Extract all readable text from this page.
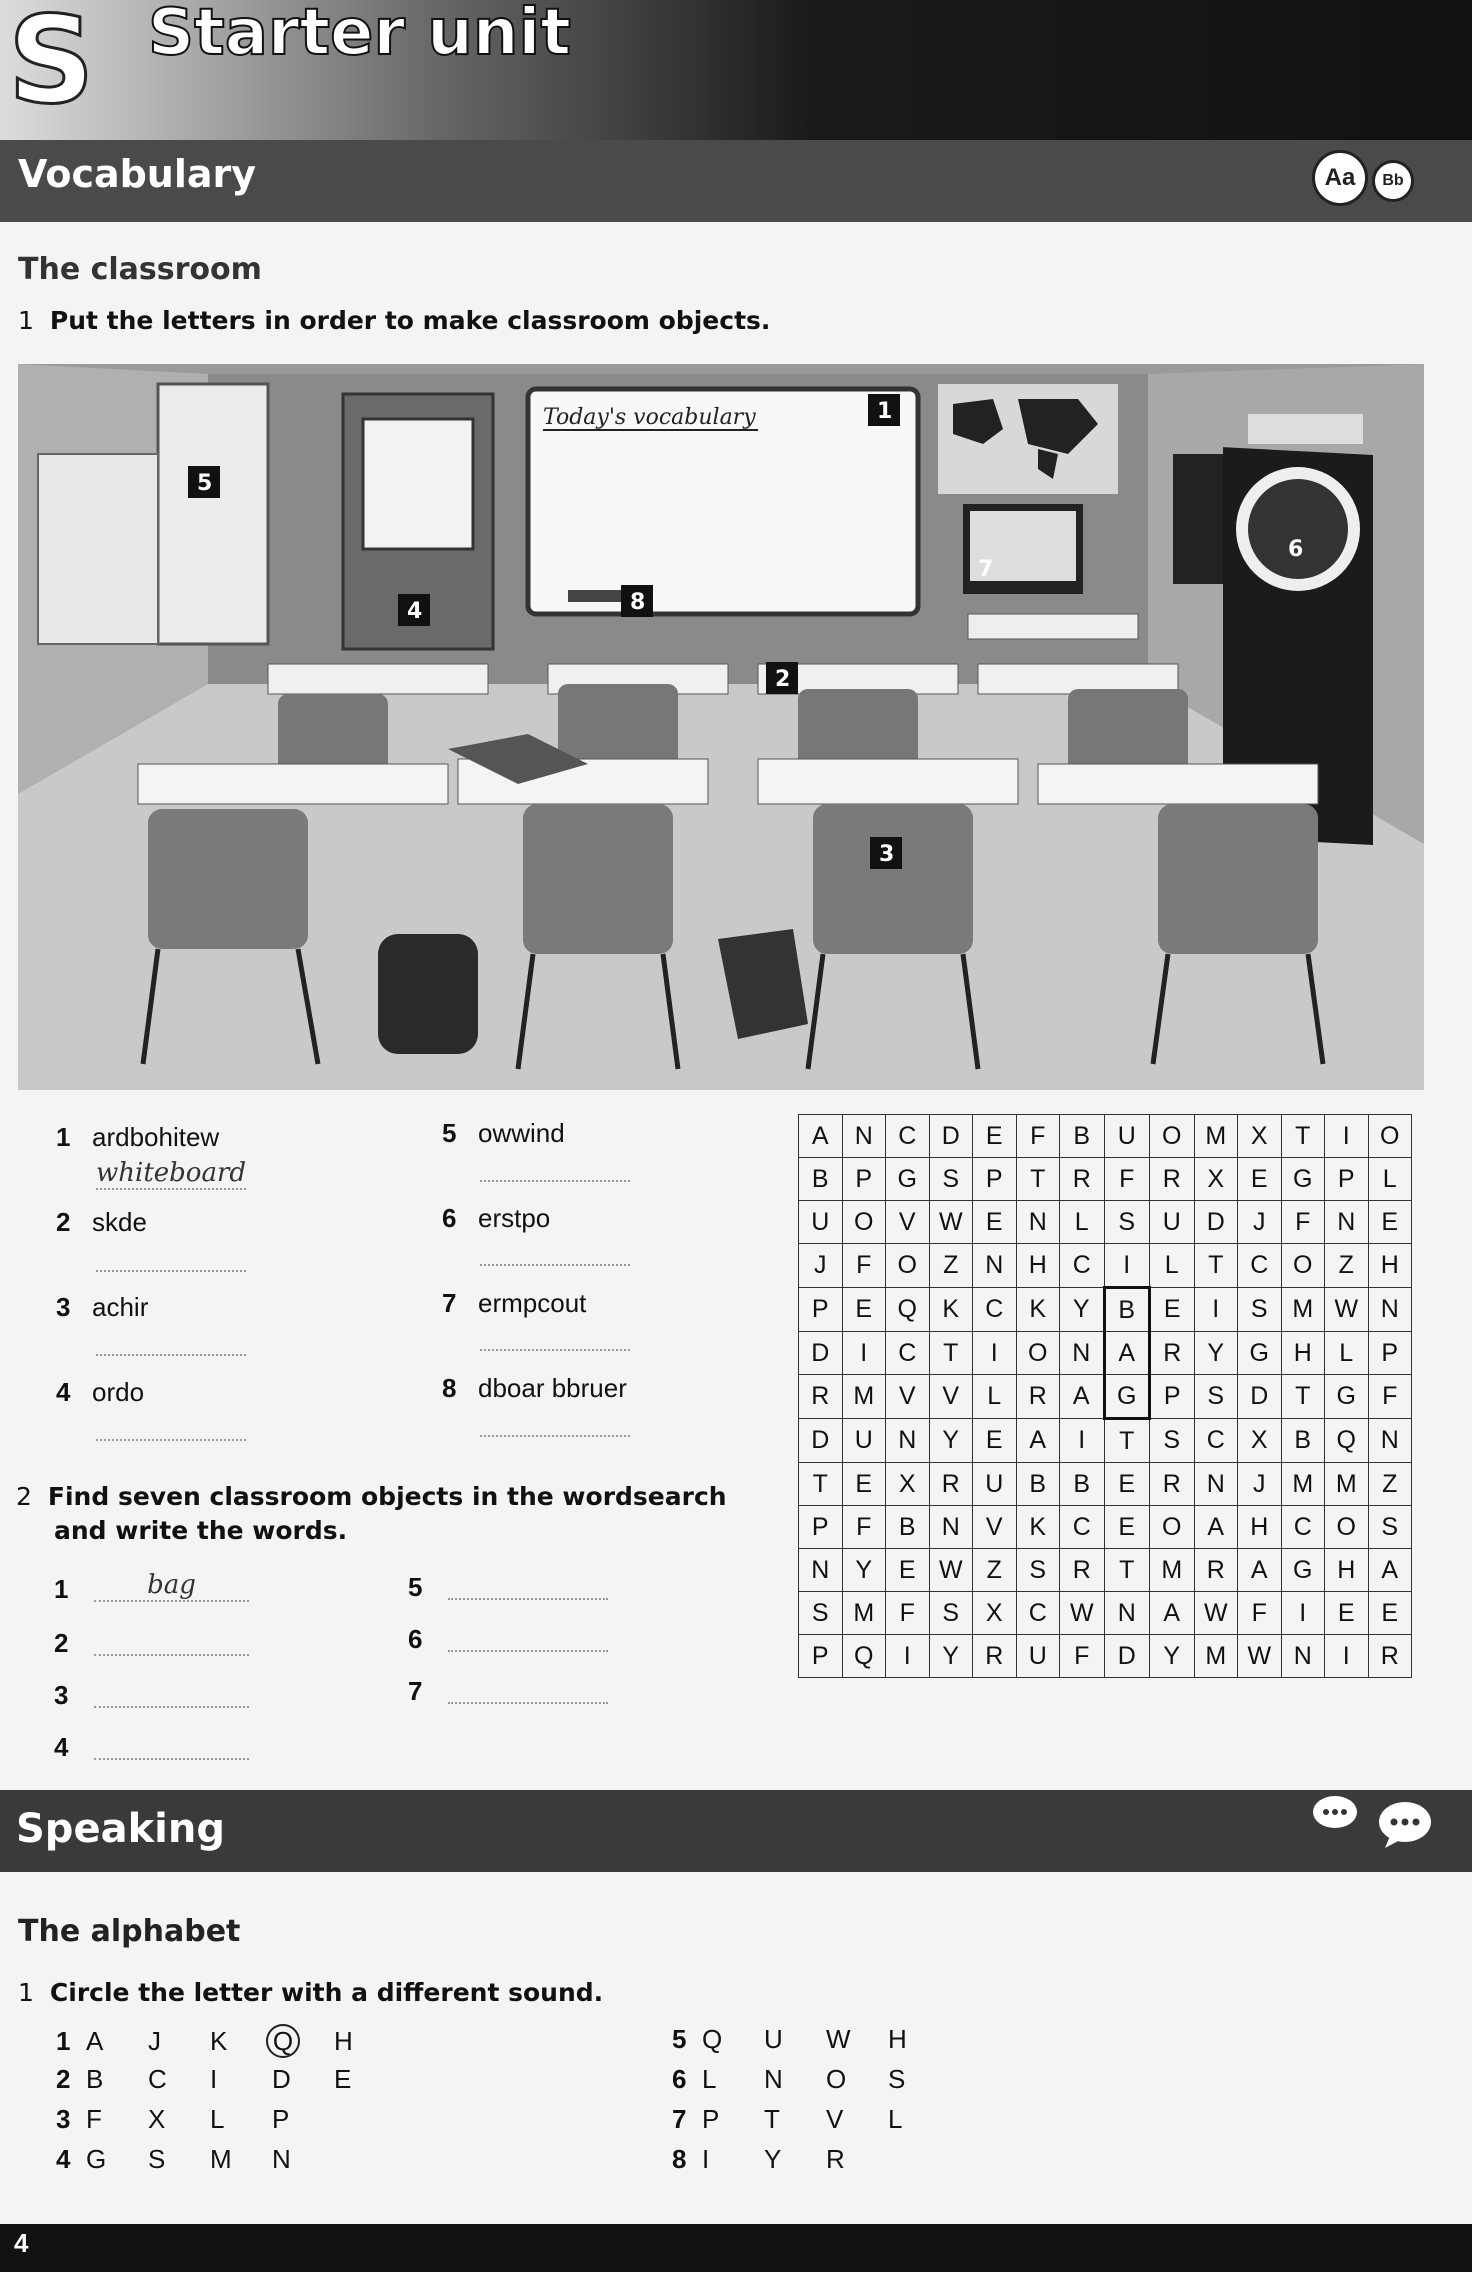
S Starter unit
Vocabulary	Aa	Bb
The classroom
1 Put the letters in order to make classroom objects.
Today's vocabulary	1
2
3
4
5
6
7
8
1 ardbohitew
whiteboard
2 skde
3 achir
4 ordo
5 owwind
6 erstpo
7 ermpcout
8 dboar bbruer
2 Find seven classroom objects in the wordsearch
and write the words.
1	bag
2
3
4
5
6
7
A	N	C	D	E	F	B	U	O	M	X	T	I	O
B	P	G	S	P	T	R	F	R	X	E	G	P	L
U	O	V	W	E	N	L	S	U	D	J	F	N	E
J	F	O	Z	N	H	C	I	L	T	C	O	Z	H
P	E	Q	K	C	K	Y	B	E	I	S	M	W	N
D	I	C	T	I	O	N	A	R	Y	G	H	L	P
R	M	V	V	L	R	A	G	P	S	D	T	G	F
D	U	N	Y	E	A	I	T	S	C	X	B	Q	N
T	E	X	R	U	B	B	E	R	N	J	M	M	Z
P	F	B	N	V	K	C	E	O	A	H	C	O	S
N	Y	E	W	Z	S	R	T	M	R	A	G	H	A
S	M	F	S	X	C	W	N	A	W	F	I	E	E
P	Q	I	Y	R	U	F	D	Y	M	W	N	I	R
Speaking
The alphabet
1 Circle the letter with a different sound.
1 A J K Q H
2 B C I D E
3 F X L P
4 G S M N
5 Q U W H
6 L N O S
7 P T V L
8 I Y R
4
